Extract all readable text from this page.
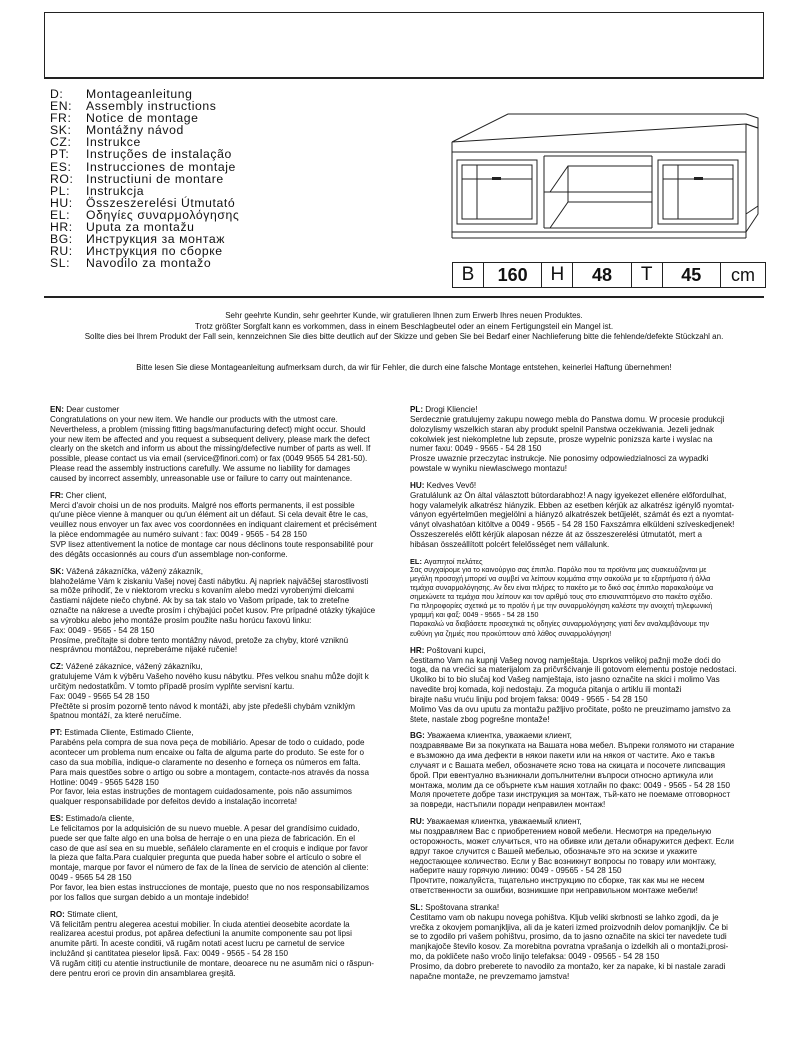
D:	Montageanleitung
EN:	Assembly instructions
FR:	Notice de montage
SK:	Montážny návod
CZ:	Instrukce
PT:	Instruções de instalação
ES:	Instrucciones de montaje
RO:	Instructiuni de montare
PL:	Instrukcja
HU:	Összeszerelési Útmutató
EL:	Οδηγίες συναρμολόγησης
HR:	Uputa za montažu
BG:	Инструкция за монтаж
RU:	Инструкция по сборке
SL:	Navodilo za montažo
B	160	H	48	T	45	cm
Sehr geehrte Kundin, sehr geehrter Kunde, wir gratulieren Ihnen zum Erwerb Ihres neuen Produktes.
Trotz größter Sorgfalt kann es vorkommen, dass in einem Beschlagbeutel oder an einem Fertigungsteil ein Mangel ist.
Sollte dies bei Ihrem Produkt der Fall sein, kennzeichnen Sie dies bitte deutlich auf der Skizze und geben Sie bei Bedarf einer Nachlieferung bitte die fehlende/defekte Stückzahl an.
Bitte lesen Sie diese Montageanleitung aufmerksam durch, da wir für Fehler, die durch eine falsche Montage entstehen, keinerlei Haftung übernehmen!
EN: Dear customer
Congratulations on your new item. We handle our products with the utmost care.
Nevertheless, a problem (missing fitting bags/manufacturing defect) might occur. Should
your new item be affected and you request a subsequent delivery, please mark the defect
clearly on the sketch and inform us about the missing/defective number of parts as well. If
possible, please contact us via email (service@finori.com) or fax (0049 9565 54 281-50).
Please read the assembly instructions carefully. We assume no liability for damages
caused by incorrect assembly, unreasonable use or failure to carry out maintenance.
FR: Cher client,
Merci d'avoir choisi un de nos produits. Malgré nos efforts permanents, il est possible
qu'une pièce vienne à manquer ou qu'un élément ait un défaut. Si cela devait être le cas,
veuillez nous envoyer un fax avec vos coordonnées en indiquant clairement et précisément
la pièce endommagée au numéro suivant : fax: 0049 - 9565 - 54 28 150
SVP lisez attentivement la notice de montage car nous déclinons toute responsabilité pour
des dégâts occasionnés au cours d'un assemblage non-conforme.
SK: Vážená zákazníčka, vážený zákazník,
blahoželáme Vám k ziskaniu Vašej novej časti nábytku. Aj napriek najväčšej starostlivosti
sa môže prihodiť, že v niektorom vrecku s kovaním alebo medzi vyrobenými dielcami
častiami nájdete niečo chybné. Ak by sa tak stalo vo Vašom prípade, tak to zreteľne
označte na nákrese a uveďte prosím i chýbajúci počet kusov. Pre prípadné otázky týkajúce
sa výrobku alebo jeho montáže prosím použite našu horúcu faxovú linku:
Fax: 0049 - 9565 - 54 28 150
Prosíme, prečítajte si dobre tento montážny návod, pretože za chyby, ktoré vzniknú
nesprávnou montážou, nepreberáme nijaké ručenie!
CZ: Vážené zákaznice, vážený zákazníku,
gratulujeme Vám k výběru Vašeho nového kusu nábytku. Přes velkou snahu může dojít k
určitým nedostatkům. V tomto případě prosím vyplňte servisní kartu.
Fax: 0049 - 9565 54 28 150
Přečtěte si prosím pozorně tento návod k montáži, aby jste předešli chybám vzniklým
špatnou montáží, za které neručíme.
PT: Estimada Cliente, Estimado Cliente,
Parabéns pela compra de sua nova peça de mobiliário. Apesar de todo o cuidado, pode
acontecer um problema num encaixe ou falta de alguma parte do produto. Se este for o
caso da sua mobília, indique-o claramente no desenho e forneça os números em falta.
Para mais questões sobre o artigo ou sobre a montagem, contacte-nos através da nossa
Hotline: 0049 - 9565 5428 150
Por favor, leia estas instruções de montagem cuidadosamente, pois não assumimos
qualquer responsabilidade por defeitos devido a instalação incorreta!
ES: Estimado/a cliente,
Le felicitamos por la adquisición de su nuevo mueble. A pesar del grandísimo cuidado,
puede ser que falte algo en una bolsa de herraje o en una pieza de fabricación. En el
caso de que así sea en su mueble, señálelo claramente en el croquis e indique por favor
la pieza que falta.Para cualquier pregunta que pueda haber sobre el artículo o sobre el
montaje, marque por favor el número de fax de la línea de servicio de atención al cliente:
0049 - 9565 54 28 150
Por favor, lea bien estas instrucciones de montaje, puesto que no nos responsabilizamos
por los fallos que surgan debido a un montaje indebido!
RO: Stimate client,
Vă felicităm pentru alegerea acestui mobilier. În ciuda atentiei deosebite acordate la
realizarea acestui produs, pot apărea defectiuni la anumite componente sau pot lipsi
anumite părti. În aceste conditii, vă rugăm notati acest lucru pe carnetul de service
inclużând și cantitatea pieselor lipsă. Fax: 0049 - 9565 - 54 28 150
Vă rugăm citiți cu atentie instructiunile de montare, deoarece nu ne asumăm nici o răspun-
dere pentru erori ce provin din ansamblarea greșită.
PL: Drogi Kliencie!
Serdecznie gratulujemy zakupu nowego mebla do Panstwa domu. W procesie produkcji
dolozylismy wszelkich staran aby produkt spelnil Panstwa oczekiwania. Jezeli jednak
cokolwiek jest niekompletne lub zepsute, prosze wypelnic ponizsza karte i wyslac na
numer faxu: 0049 - 9565 - 54 28 150
Prosze uwaznie przeczytac instrukcje. Nie ponosimy odpowiedzialnosci za wypadki
powstale w wyniku niewlasciwego montazu!
HU: Kedves Vevő!
Gratulálunk az Ön által választott bútordarabhoz! A nagy igyekezet ellenére előfordulhat,
hogy valamelyik alkatrész hiányzik. Ebben az esetben kérjük az alkatrész igénylő nyomtat-
ványon egyértelműen megjelölni a hiányzó alkatrészek betűjelét, számát és ezt a nyomtat-
ványt olvashatóan kitöltve a 0049 - 9565 - 54 28 150 Faxszámra elküldeni szíveskedjenek!
Összeszerelés előtt kérjük alaposan nézze át az összeszerelési útmutatót, mert a
hibásan összeállított polcért felelősséget nem vállalunk.
EL: Αγαπητοί πελάτες
Σας συγχαίρομε για το καινούργιο σας έπιπλο. Παρόλο που τα προϊόντα μας συσκευάζονται με
μεγάλη προσοχή μπορεί να συμβεί να λείπουν κομμάτια στην σακούλα με τα εξαρτήματα ή άλλα
τεμάχια συναρμολόγησης. Αν δεν είναι πλήρες το πακέτο με το δικό σας έπιπλο παρακαλούμε να
σημειώνετε τα τεμάχια που λείπουν και τον αριθμό τους στο επισυναπτόμενο στο πακέτο σχέδιο.
Για πληροφορίες σχετικά με το προϊόν ή με την συναρμολόγηση καλέστε την ανοιχτή τηλεφωνική
γραμμή και φαξ: 0049 - 9565 - 54 28 150
Παρακαλώ να διαβάσετε προσεχτικά τις οδηγίες συναρμολόγησης γιατί δεν αναλαμβάνουμε την
ευθύνη για ζημιές που προκύπτουν από λάθος συναρμολόγηση!
HR: Poštovani kupci,
čestitamo Vam na kupnji Vašeg novog namještaja. Usprkos velikoj pažnji može doći do
toga, da na vrećici sa materijalom za pričvršćivanje ili gotovom elementu postoje nedostaci.
Ukoliko bi to bio slučaj kod Vašeg namještaja, isto jasno označite na skici i molimo Vas
navedite broj komada, koji nedostaju. Za moguća pitanja o artiklu ili montaži
birajte našu vruću liniju pod brojem faksa: 0049 - 9565 - 54 28 150
Molimo Vas da ovu uputu za montažu pažljivo pročitate, pošto ne preuzimamo jamstvo za
štete, nastale zbog pogrešne montaže!
BG: Уважаема клиентка, уважаеми клиент,
поздравяваме Ви за покупката на Вашата нова мебел. Въпреки голямото ни старание
е възможно да има дефекти в някои пакети или на някоя от частите. Ако е такъв
случаят и с Вашата мебел, обозначете ясно това на скицата и посочете липсващия
брой. При евентуално възникнали допълнителни въпроси относно артикула или
монтажа, молим да се обърнете към нашия хотлайн по факс: 0049 - 9565 - 54 28 150
Моля прочетете добре тази инструкция за монтаж, тъй-като не поемаме отговорност
за повреди, настъпили поради неправилен монтаж!
RU: Уважаемая клиентка, уважаемый клиент,
мы поздравляем Вас с приобретением новой мебели. Несмотря на предельную
осторожность, может случиться, что на обивке или детали обнаружится дефект. Если
вдруг такое случится с Вашей мебелью, обозначьте это на эскизе и укажите
недостающее количество. Если у Вас возникнут вопросы по товару или монтажу,
наберите нашу горячую линию: 0049 - 09565 - 54 28 150
Прочтите, пожалуйста, тщательно инструкцию по сборке, так как мы не несем
ответственности за ошибки, возникшие при неправильном монтаже мебели!
SL: Spoštovana stranka!
Čestitamo vam ob nakupu novega pohištva. Kljub veliki skrbnosti se lahko zgodi, da je
vrečka z okovjem pomanjkljiva, ali da je kateri izmed proizvodnih delov pomanjkljiv. Če bi
se to zgodilo pri vašem pohištvu, prosimo, da to jasno označite na skici ter navedete tudi
manjkajoče število kosov. Za morebitna povratna vprašanja o izdelkih ali o montaži,prosi-
mo, da pokličete našo vročo linijo telefaksa: 0049 - 09565 - 54 28 150
Prosimo, da dobro preberete to navodilo za montažo, ker za napake, ki bi nastale zaradi
napačne montaže, ne prevzemamo jamstva!
